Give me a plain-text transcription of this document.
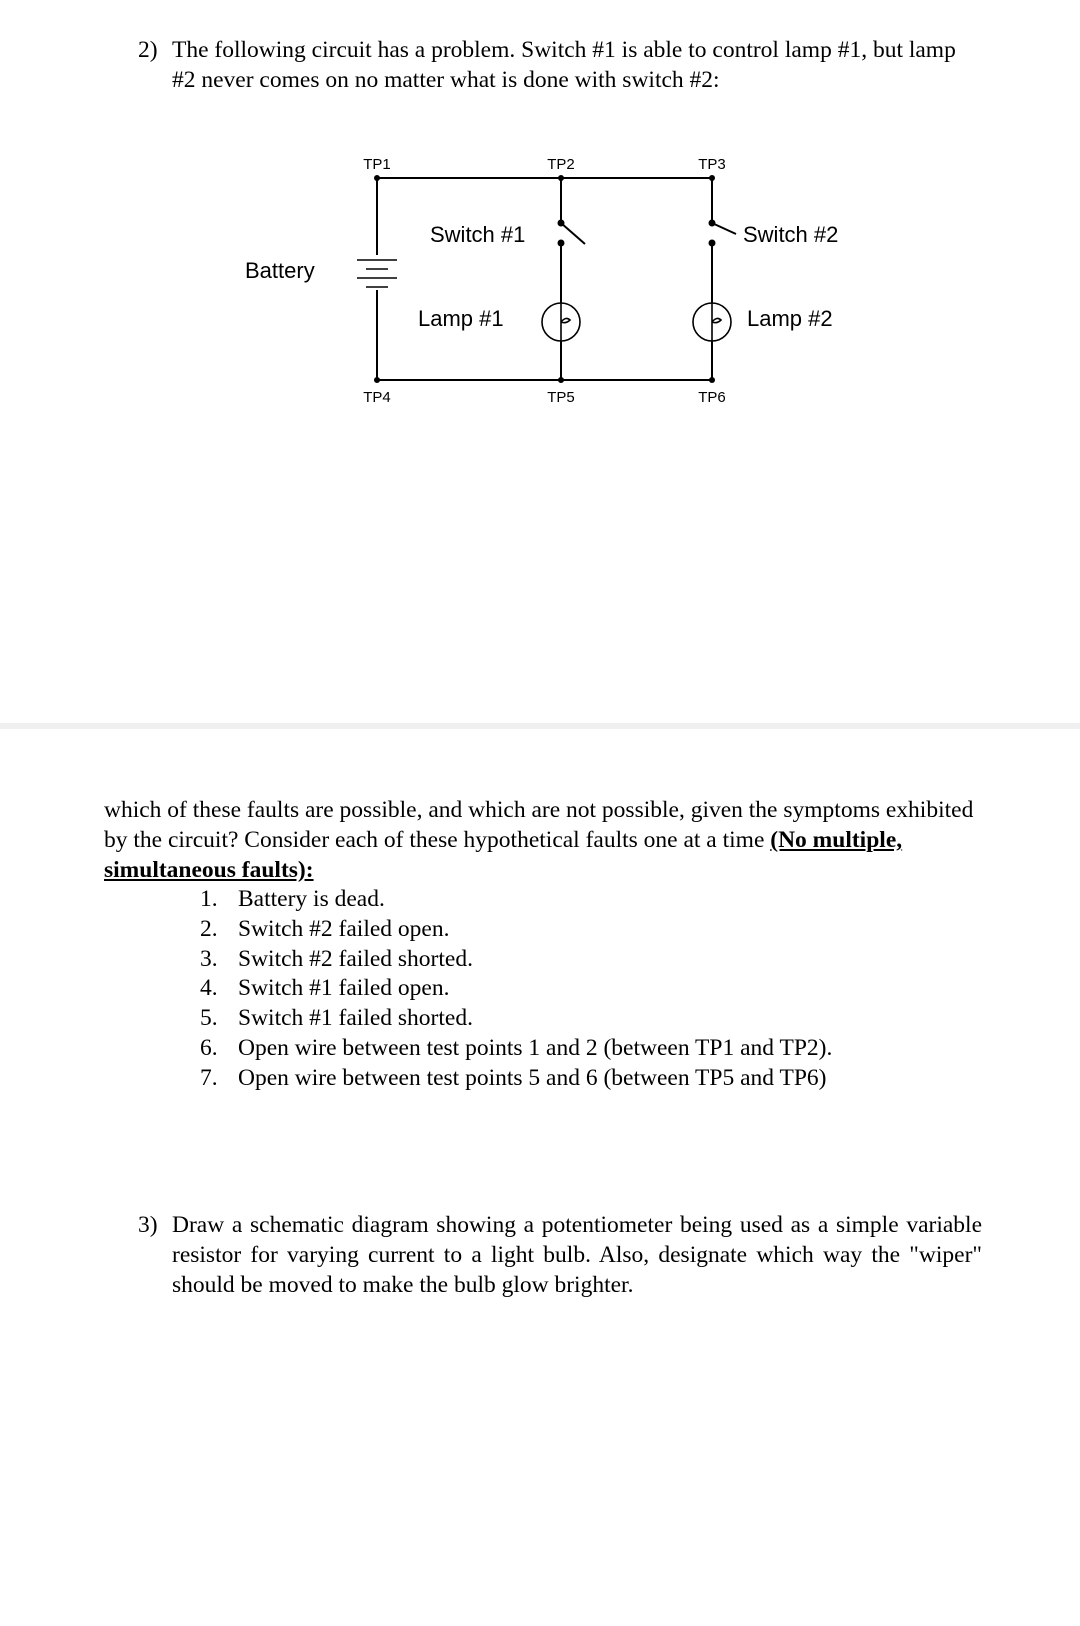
2) The following circuit has a problem. Switch #1 is able to control lamp #1, but lamp #2 never comes on no matter what is done with switch #2:

TP1	TP2	TP3
TP4	TP5	TP6
Battery
Switch #1	Switch #2
Lamp #1	Lamp #2

which of these faults are possible, and which are not possible, given the symptoms exhibited by the circuit? Consider each of these hypothetical faults one at a time (No multiple, simultaneous faults):

1. Battery is dead.
2. Switch #2 failed open.
3. Switch #2 failed shorted.
4. Switch #1 failed open.
5. Switch #1 failed shorted.
6. Open wire between test points 1 and 2 (between TP1 and TP2).
7. Open wire between test points 5 and 6 (between TP5 and TP6)

3) Draw a schematic diagram showing a potentiometer being used as a simple variable resistor for varying current to a light bulb. Also, designate which way the "wiper" should be moved to make the bulb glow brighter.
